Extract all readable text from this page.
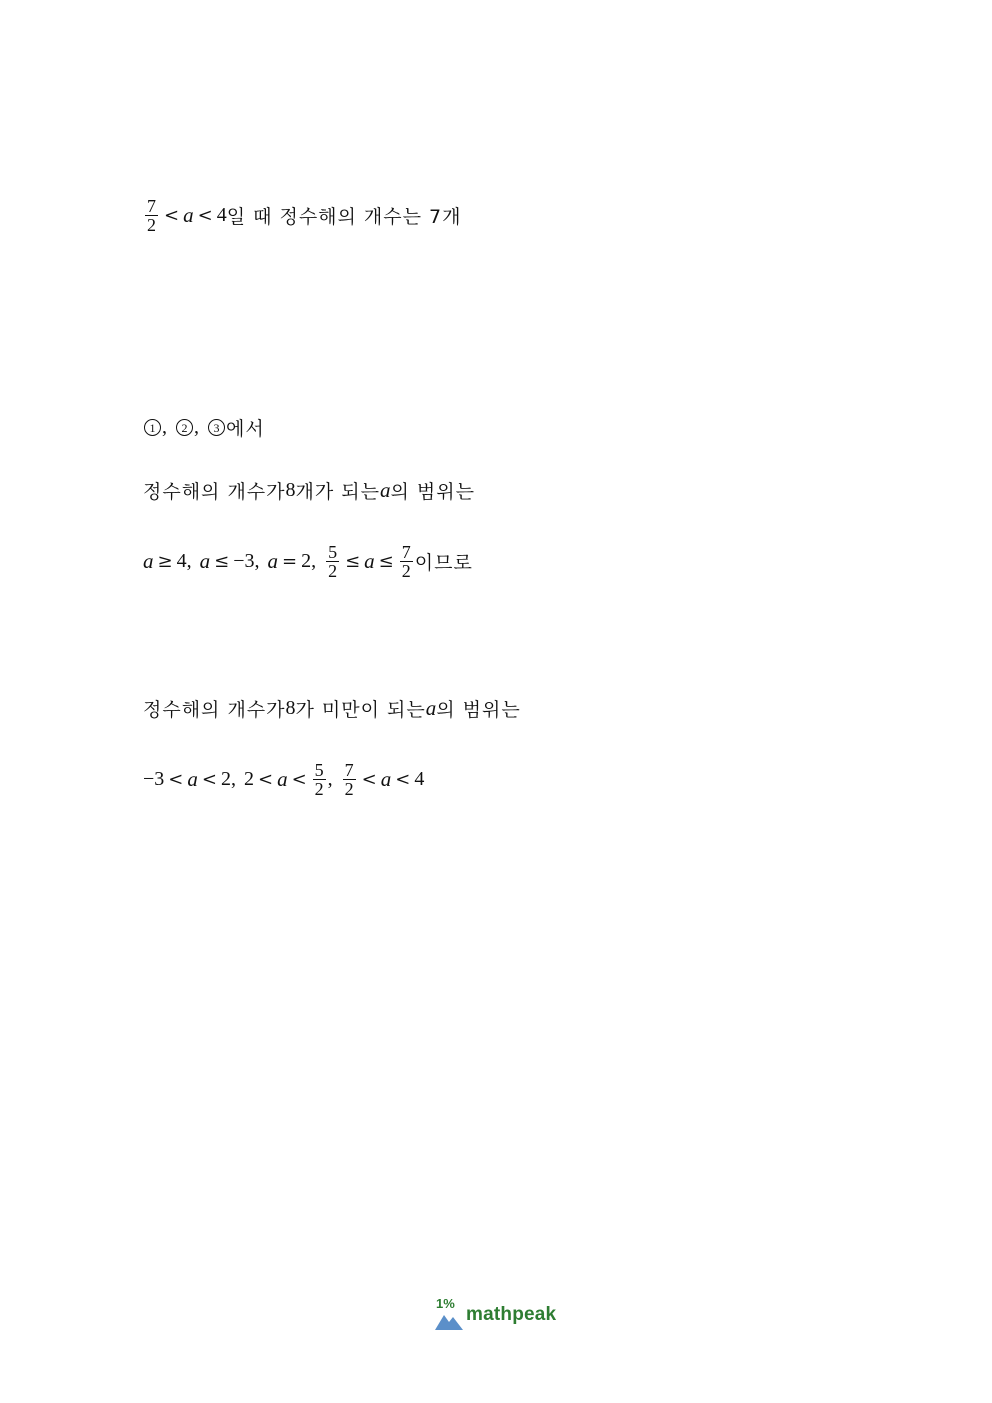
$\frac{7}{2} < a < 4$ 일 때 정수해의 개수는 7개
1 ,	2 ,	3 에서
정수해의 개수가 8 개가 되는 a 의 범위는
a ≥ 4 , a ≤ −3 , a = 2 , $\frac{5}{2} \le a \le \frac{7}{2}$ 이므로
정수해의 개수가 8 가 미만이 되는 a 의 범위는
−3 < a < 2 , $2 < a < \frac{5}{2}$ , $\frac{7}{2} < a < 4$
1%
mathpeak
